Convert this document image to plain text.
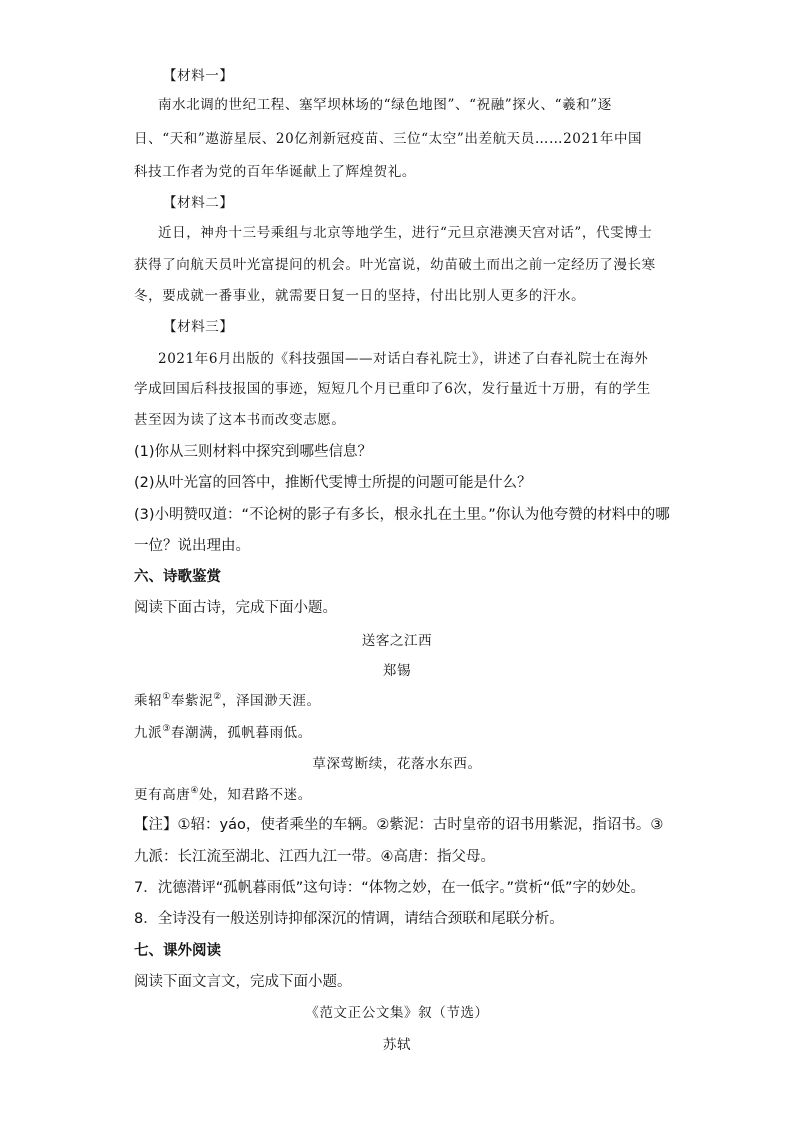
【材料一】
南水北调的世纪工程、塞罕坝林场的“绿色地图”、“祝融”探火、“羲和”逐
日、“天和”遨游星辰、20亿剂新冠疫苗、三位“太空”出差航天员……2021年中国
科技工作者为党的百年华诞献上了辉煌贺礼。
【材料二】
近日，神舟十三号乘组与北京等地学生，进行“元旦京港澳天宫对话”，代雯博士
获得了向航天员叶光富提问的机会。叶光富说，幼苗破土而出之前一定经历了漫长寒
冬，要成就一番事业，就需要日复一日的坚持，付出比别人更多的汗水。
【材料三】
2021年6月出版的《科技强国——对话白春礼院士》，讲述了白春礼院士在海外
学成回国后科技报国的事迹，短短几个月已重印了6次，发行量近十万册，有的学生
甚至因为读了这本书而改变志愿。
(1)你从三则材料中探究到哪些信息？
(2)从叶光富的回答中，推断代雯博士所提的问题可能是什么？
(3)小明赞叹道：“不论树的影子有多长，根永扎在土里。”你认为他夸赞的材料中的哪
一位？说出理由。
六、诗歌鉴赏
阅读下面古诗，完成下面小题。
送客之江西
郑锡
乘轺①奉紫泥②，泽国渺天涯。
九派③春潮满，孤帆暮雨低。
草深莺断续，花落水东西。
更有高唐④处，知君路不迷。
【注】①轺：yáo，使者乘坐的车辆。②紫泥：古时皇帝的诏书用紫泥，指诏书。③
九派：长江流至湖北、江西九江一带。④高唐：指父母。
7．沈德潜评“孤帆暮雨低”这句诗：“体物之妙，在一低字。”赏析“低”字的妙处。
8．全诗没有一般送别诗抑郁深沉的情调，请结合颈联和尾联分析。
七、课外阅读
阅读下面文言文，完成下面小题。
《范文正公文集》叙（节选）
苏轼
